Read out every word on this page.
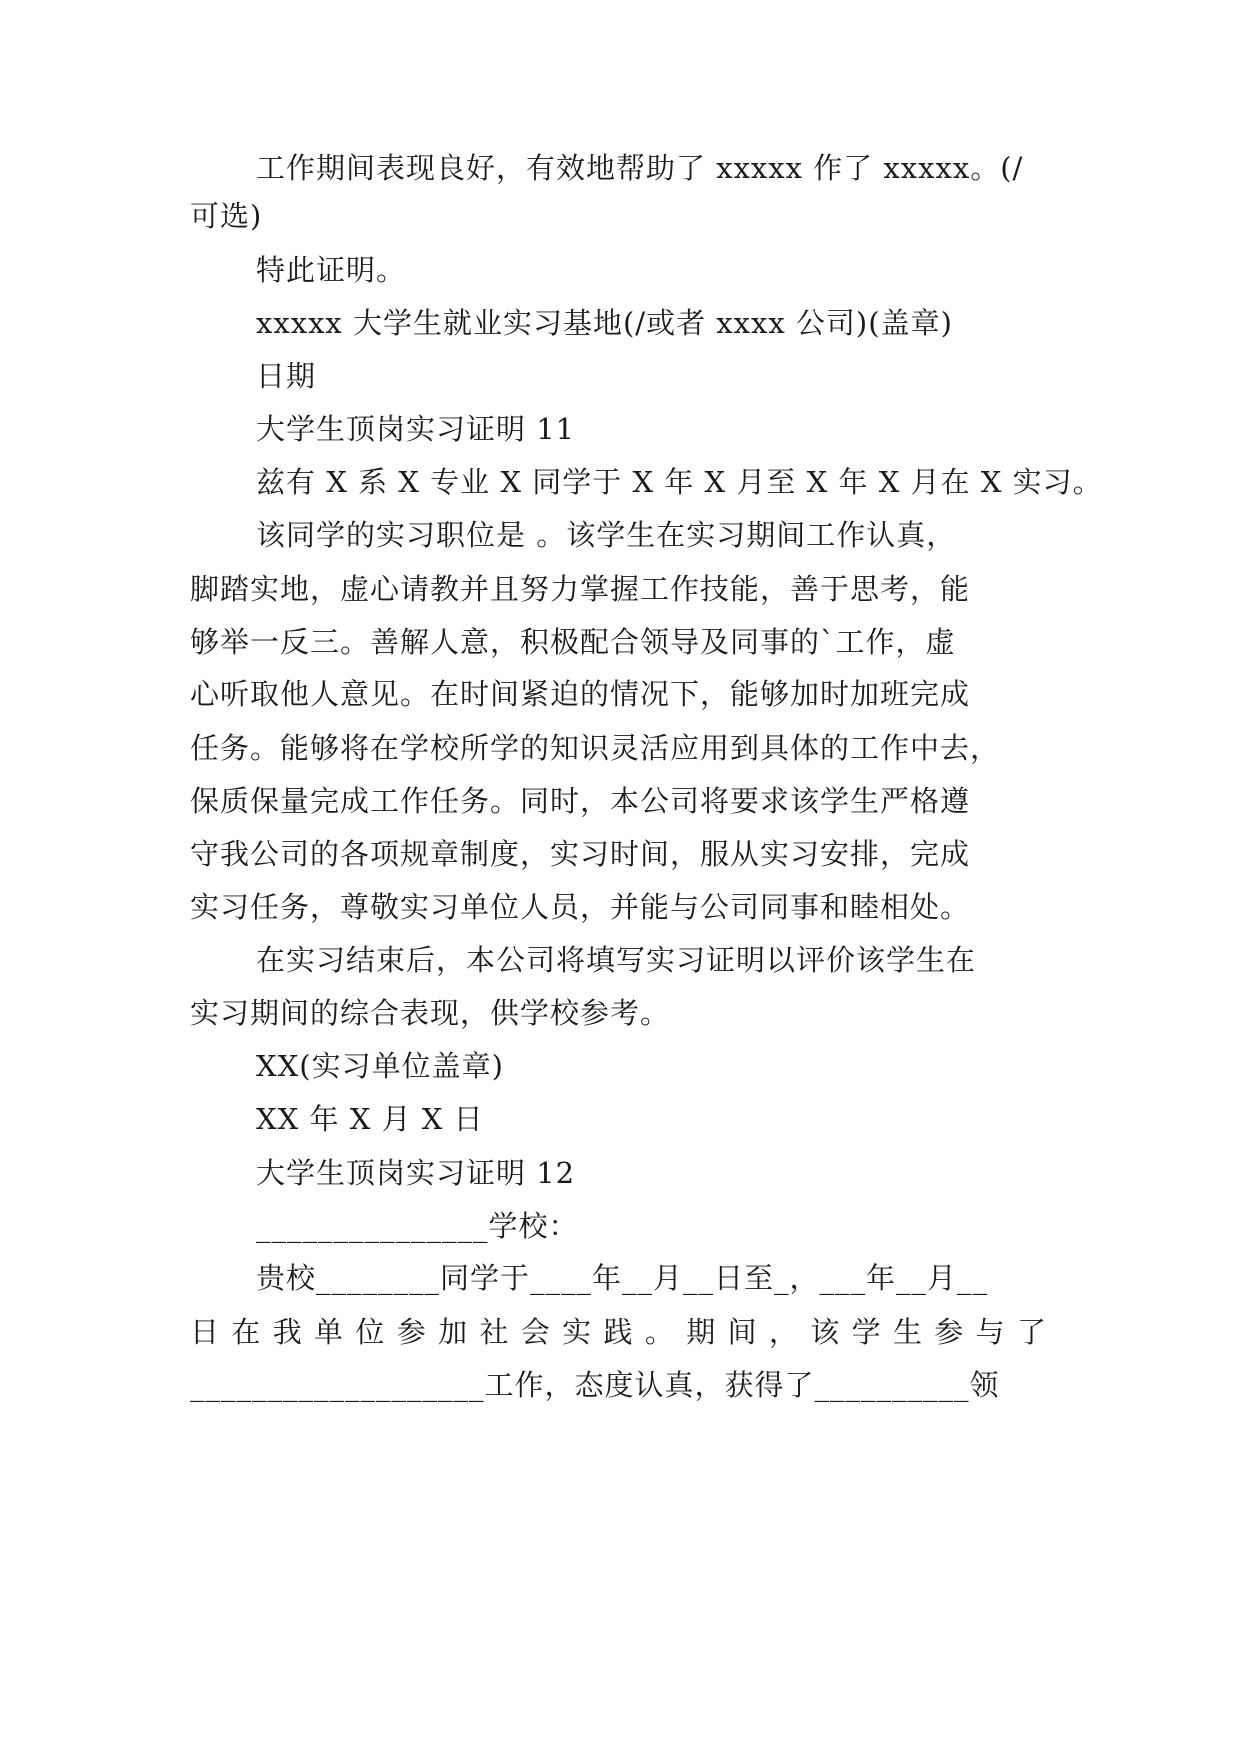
工作期间表现良好，有效地帮助了 xxxxx 作了 xxxxx。(/
可选)
特此证明。
xxxxx 大学生就业实习基地(/或者 xxxx 公司)(盖章)
日期
大学生顶岗实习证明 11
兹有 X 系 X 专业 X 同学于 X 年 X 月至 X 年 X 月在 X 实习。
该同学的实习职位是 。该学生在实习期间工作认真，
脚踏实地，虚心请教并且努力掌握工作技能，善于思考，能
够举一反三。善解人意，积极配合领导及同事的`工作，虚
心听取他人意见。在时间紧迫的情况下，能够加时加班完成
任务。能够将在学校所学的知识灵活应用到具体的工作中去，
保质保量完成工作任务。同时，本公司将要求该学生严格遵
守我公司的各项规章制度，实习时间，服从实习安排，完成
实习任务，尊敬实习单位人员，并能与公司同事和睦相处。
在实习结束后，本公司将填写实习证明以评价该学生在
实习期间的综合表现，供学校参考。
XX(实习单位盖章)
XX 年 X 月 X 日
大学生顶岗实习证明 12
_______________学校：
贵校________同学于____年__月__日至_，___年__月__
日 在 我 单 位 参 加 社 会 实 践 。 期 间 ， 该 学 生 参 与 了
___________________工作，态度认真，获得了__________领
